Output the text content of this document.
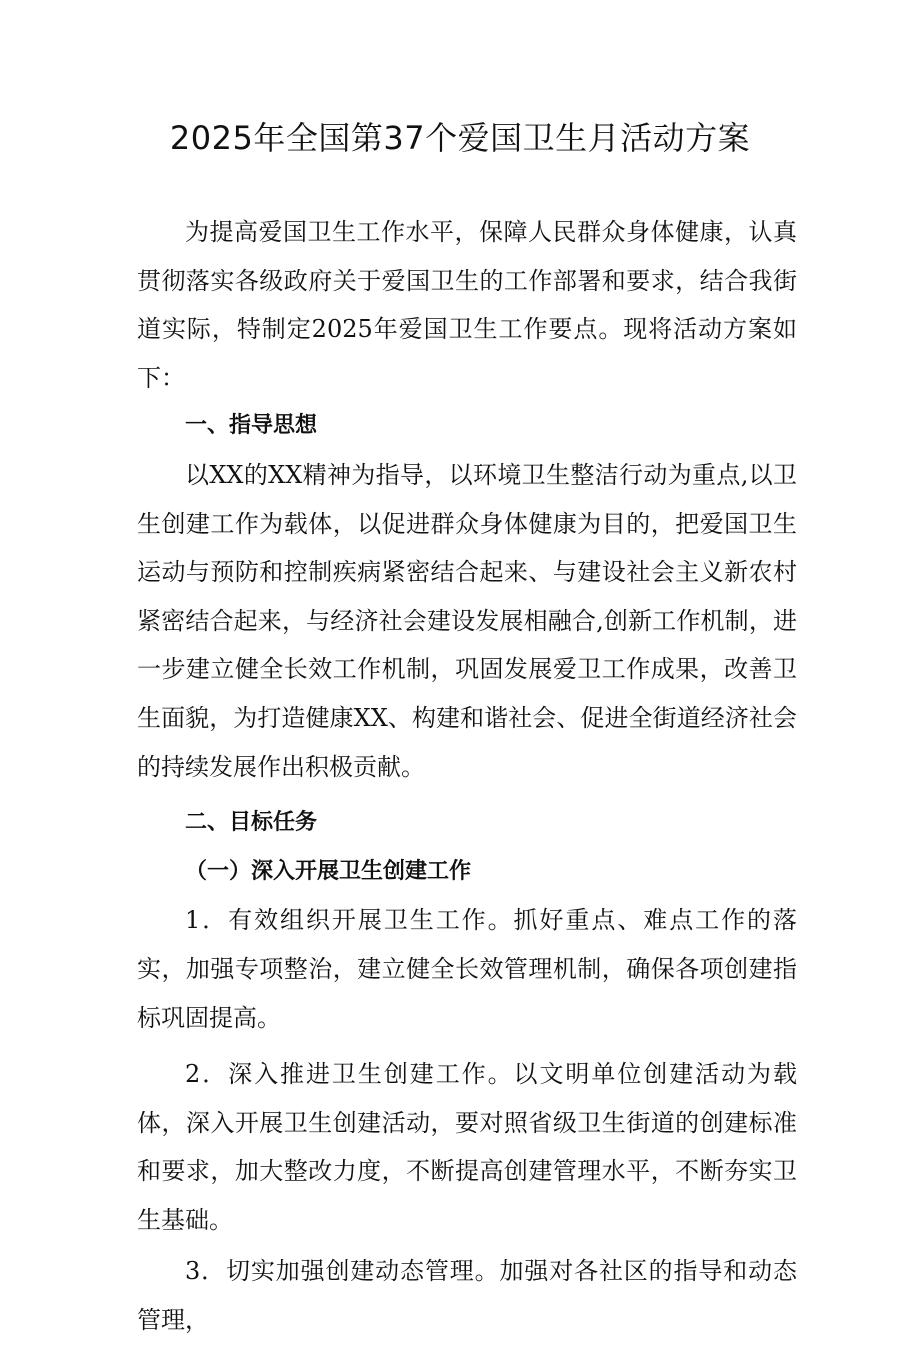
2025年全国第37个爱国卫生月活动方案

为提高爱国卫生工作水平，保障人民群众身体健康，认真贯彻落实各级政府关于爱国卫生的工作部署和要求，结合我街道实际，特制定2025年爱国卫生工作要点。现将活动方案如下：

一、指导思想

以XX的XX精神为指导，以环境卫生整洁行动为重点,以卫生创建工作为载体，以促进群众身体健康为目的，把爱国卫生运动与预防和控制疾病紧密结合起来、与建设社会主义新农村紧密结合起来，与经济社会建设发展相融合,创新工作机制，进一步建立健全长效工作机制，巩固发展爱卫工作成果，改善卫生面貌，为打造健康XX、构建和谐社会、促进全街道经济社会的持续发展作出积极贡献。

二、目标任务

（一）深入开展卫生创建工作

1．有效组织开展卫生工作。抓好重点、难点工作的落实，加强专项整治，建立健全长效管理机制，确保各项创建指标巩固提高。

2．深入推进卫生创建工作。以文明单位创建活动为载体，深入开展卫生创建活动，要对照省级卫生街道的创建标准和要求，加大整改力度，不断提高创建管理水平，不断夯实卫生基础。

3．切实加强创建动态管理。加强对各社区的指导和动态管理，
